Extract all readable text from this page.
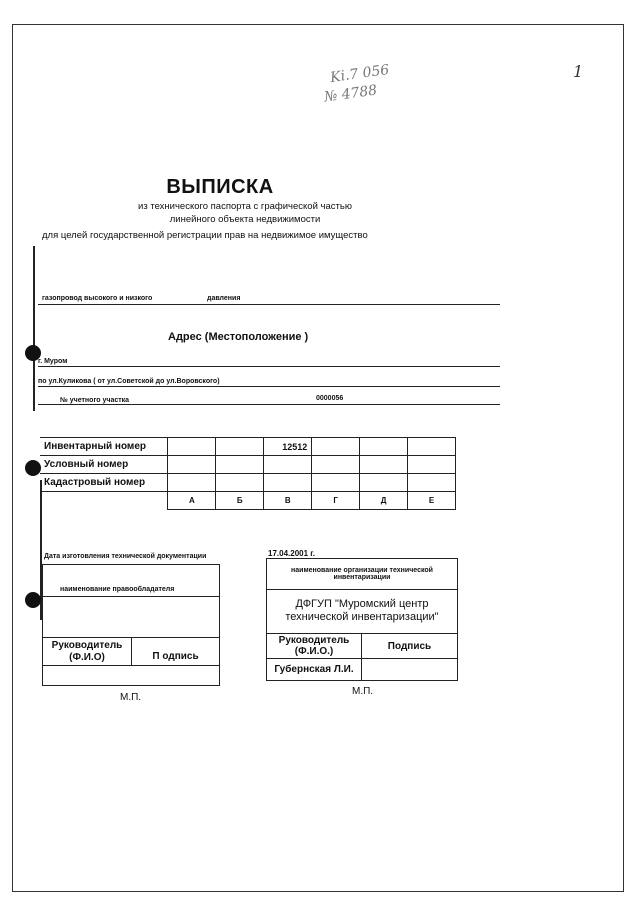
Ki.7 056
№ 4788
1
ВЫПИСКА
из технического паспорта с графической частью
линейного объекта недвижимости
для целей государственной регистрации прав на недвижимое имущество
газопровод высокого и низкого	давления
Адрес (Местоположение )
г. Муром
по ул.Куликова ( от ул.Советской до ул.Воровского)
№ учетного участка	0000056
Инвентарный номер			12512			
Условный номер						
Кадастровый номер						
	А	Б	В	Г	Д	Е
Дата изготовления технической документации	17.04.2001 г.
наименование правообладателя
Руководитель
(Ф.И.О)	П одпись
М.П.
наименование организации технической инвентаризации
ДФГУП "Муромский центр технической инвентаризации"
Руководитель
(Ф.И.О.)	Подпись
Губернская Л.И.
М.П.
